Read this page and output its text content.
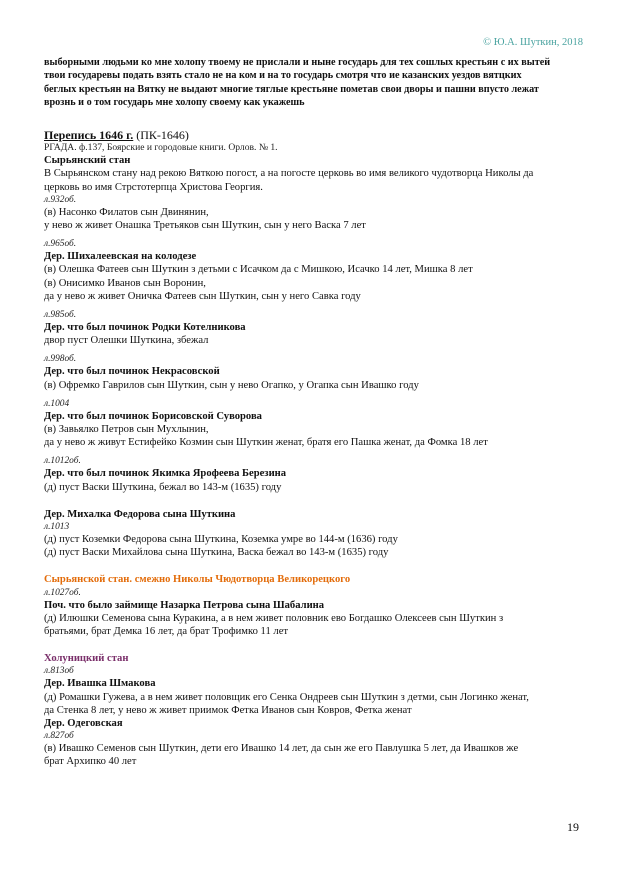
© Ю.А. Шуткин, 2018

выборными людьми ко мне холопу твоему не прислали и ныне государь для тех сошлых крестьян с их вытей

твои государевы подать взять стало не на ком и на то государь смотря что ие казанских уездов вятцких

беглых крестьян на Вятку не выдают многие тяглые крестьяне пометав свои дворы и пашни впусто лежат

врознь и о том государь мне холопу своему как укажешь

Перепись 1646 г. (ПК-1646)

РГАДА. ф.137, Боярские и городовые книги. Орлов. № 1.

Сырьянский стан

В Сырьянском стану над рекою Вяткою погост, а на погосте церковь во имя великого чудотворца Николы да

церковь во имя Стрстотерпца Христова Георгия.

л.932об.

(в) Насонко Филатов сын Двинянин,

у нево ж живет Онашка Третьяков сын Шуткин, сын у него Васка 7 лет

л.965об.

Дер. Шихалеевская на колодезе

(в) Олешка Фатеев сын Шуткин з детьми с Исачком да с Мишкою, Исачко 14 лет, Мишка 8 лет

(в) Онисимко Иванов сын Воронин,

да у нево ж живет Оничка Фатеев сын Шуткин, сын у него Савка году

л.985об.

Дер. что был починок Родки Котелникова

двор пуст Олешки Шуткина, збежал

л.998об.

Дер. что был починок Некрасовской

(в) Офремко Гаврилов сын Шуткин, сын у нево Огапко, у Огапка сын Ивашко году

л.1004

Дер. что был починок Борисовской Суворова

(в) Завьялко Петров сын Мухлынин,

да у нево ж живут Естифейко Козмин сын Шуткин женат, братя его Пашка женат, да Фомка 18 лет

л.1012об.

Дер. что был починок Якимка Ярофеева Березина

(д) пуст Васки Шуткина, бежал во 143-м (1635) году

Дер. Михалка Федорова сына Шуткина

л.1013

(д) пуст Коземки Федорова сына Шуткина, Коземка умре во 144-м (1636) году

(д) пуст Васки Михайлова сына Шуткина, Васка бежал во 143-м (1635) году

Сырьянской стан. смежно Николы Чюдотворца Великорецкого

л.1027об.

Поч. что было займище Назарка Петрова сына Шабалина

(д) Илюшки Семенова сына Куракина, а в нем живет половник ево Богдашко Олексеев сын Шуткин з

братьями, брат Демка 16 лет, да брат Трофимко 11 лет

Холуницкий стан

л.813об

Дер. Ивашка Шмакова

(д) Ромашки Гужева, а в нем живет половщик его Сенка Ондреев сын Шуткин з детми, сын Логинко женат,

да Стенка 8 лет, у нево ж живет приимок Фетка Иванов сын Ковров, Фетка женат

Дер. Одеговская

л.827об

(в) Ивашко Семенов сын Шуткин, дети его Ивашко 14 лет, да сын же его Павлушка 5 лет, да Ивашков же

брат Архипко 40 лет

19
